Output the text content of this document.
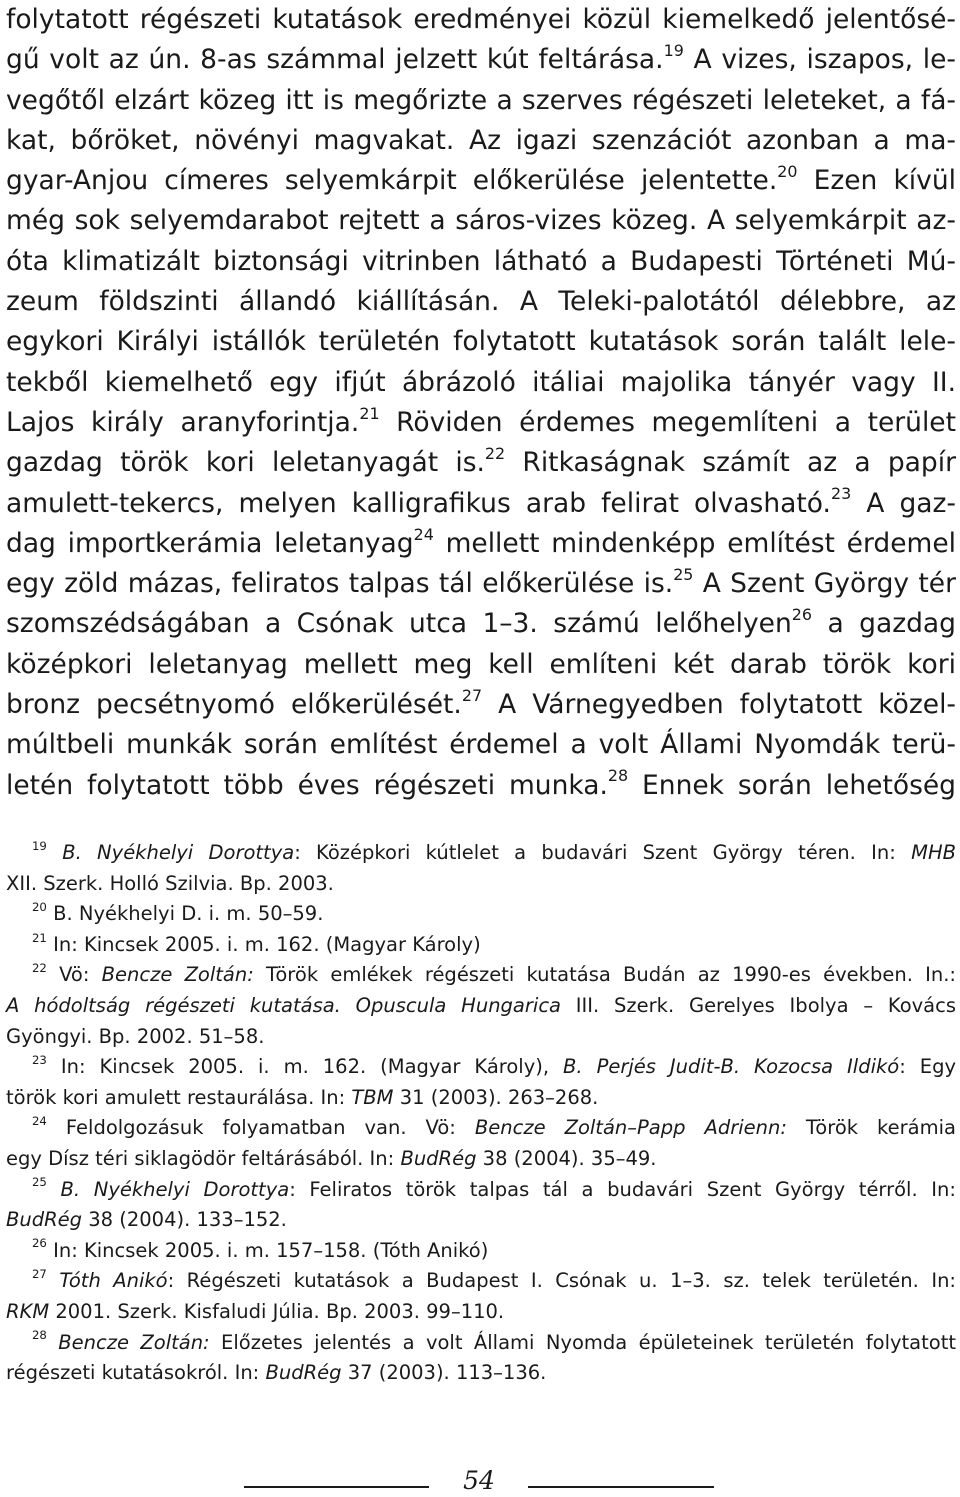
folytatott régészeti kutatások eredményei közül kiemelkedő jelentősé-
gű volt az ún. 8-as számmal jelzett kút feltárása.$^{19}$ A vizes, iszapos, le-
vegőtől elzárt közeg itt is megőrizte a szerves régészeti leleteket, a fá-
kat, bőröket, növényi magvakat. Az igazi szenzációt azonban a ma-
gyar-Anjou címeres selyemkárpit előkerülése jelentette.$^{20}$ Ezen kívül
még sok selyemdarabot rejtett a sáros-vizes közeg. A selyemkárpit az-
óta klimatizált biztonsági vitrinben látható a Budapesti Történeti Mú-
zeum földszinti állandó kiállításán. A Teleki-palotától délebbre, az
egykori Királyi istállók területén folytatott kutatások során talált lele-
tekből kiemelhető egy ifjút ábrázoló itáliai majolika tányér vagy II.
Lajos király aranyforintja.$^{21}$ Röviden érdemes megemlíteni a terület
gazdag török kori leletanyagát is.$^{22}$ Ritkaságnak számít az a papír
amulett-tekercs, melyen kalligrafikus arab felirat olvasható.$^{23}$ A gaz-
dag importkerámia leletanyag$^{24}$ mellett mindenképp említést érdemel
egy zöld mázas, feliratos talpas tál előkerülése is.$^{25}$ A Szent György tér
szomszédságában a Csónak utca 1–3. számú lelőhelyen$^{26}$ a gazdag
középkori leletanyag mellett meg kell említeni két darab török kori
bronz pecsétnyomó előkerülését.$^{27}$ A Várnegyedben folytatott közel-
múltbeli munkák során említést érdemel a volt Állami Nyomdák terü-
letén folytatott több éves régészeti munka.$^{28}$ Ennek során lehetőség
$^{19}$ B. Nyékhelyi Dorottya: Középkori kútlelet a budavári Szent György téren. In: MHB
XII. Szerk. Holló Szilvia. Bp. 2003.
$^{20}$ B. Nyékhelyi D. i. m. 50–59.
$^{21}$ In: Kincsek 2005. i. m. 162. (Magyar Károly)
$^{22}$ Vö: Bencze Zoltán: Török emlékek régészeti kutatása Budán az 1990-es években. In.:
A hódoltság régészeti kutatása. Opuscula Hungarica III. Szerk. Gerelyes Ibolya – Kovács
Gyöngyi. Bp. 2002. 51–58.
$^{23}$ In: Kincsek 2005. i. m. 162. (Magyar Károly), B. Perjés Judit-B. Kozocsa Ildikó: Egy
török kori amulett restaurálása. In: TBM 31 (2003). 263–268.
$^{24}$ Feldolgozásuk folyamatban van. Vö: Bencze Zoltán–Papp Adrienn: Török kerámia
egy Dísz téri siklagödör feltárásából. In: BudRég 38 (2004). 35–49.
$^{25}$ B. Nyékhelyi Dorottya: Feliratos török talpas tál a budavári Szent György térről. In:
BudRég 38 (2004). 133–152.
$^{26}$ In: Kincsek 2005. i. m. 157–158. (Tóth Anikó)
$^{27}$ Tóth Anikó: Régészeti kutatások a Budapest I. Csónak u. 1–3. sz. telek területén. In:
RKM 2001. Szerk. Kisfaludi Júlia. Bp. 2003. 99–110.
$^{28}$ Bencze Zoltán: Előzetes jelentés a volt Állami Nyomda épületeinek területén folytatott
régészeti kutatásokról. In: BudRég 37 (2003). 113–136.
54
